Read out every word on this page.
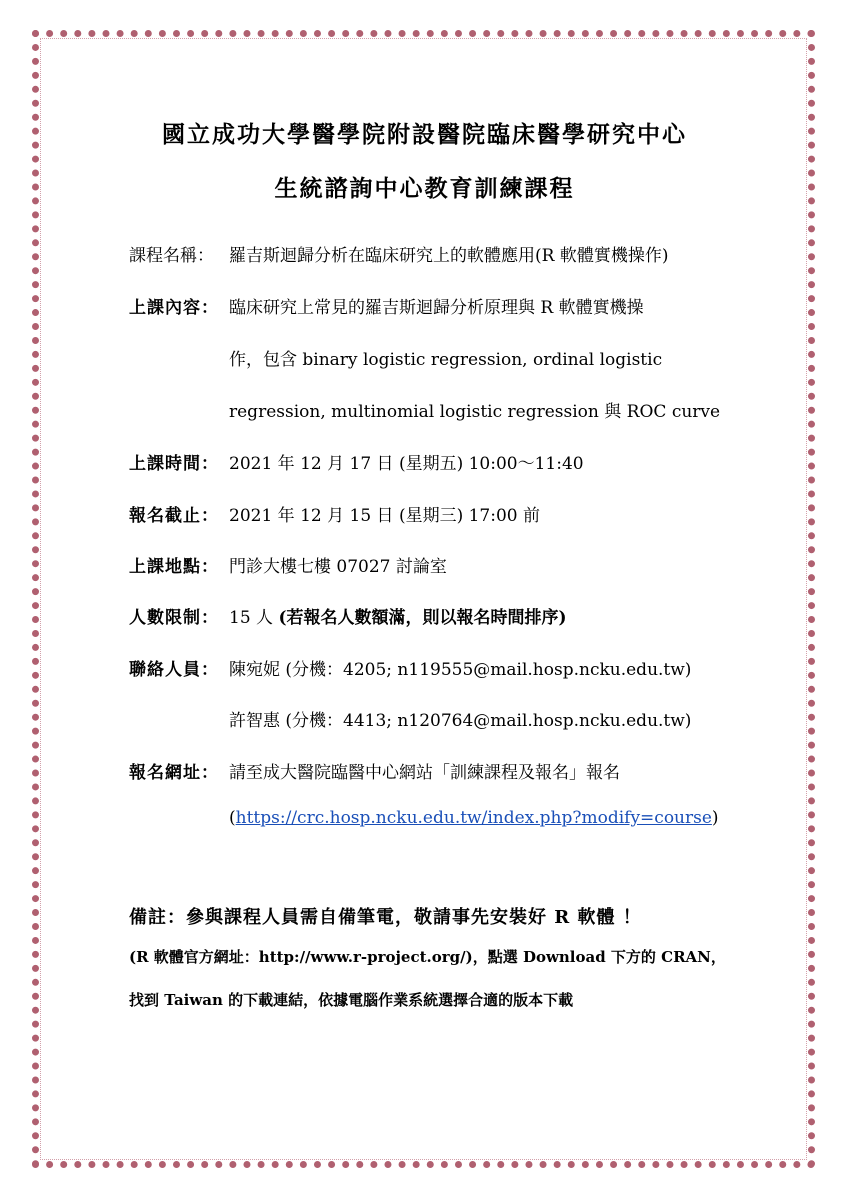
國立成功大學醫學院附設醫院臨床醫學研究中心
生統諮詢中心教育訓練課程
課程名稱： 羅吉斯迴歸分析在臨床研究上的軟體應用(R 軟體實機操作)
上課內容： 臨床研究上常見的羅吉斯迴歸分析原理與 R 軟體實機操
作，包含 binary logistic regression, ordinal logistic
regression, multinomial logistic regression 與 ROC curve
上課時間： 2021 年 12 月 17 日 (星期五) 10:00～11:40
報名截止： 2021 年 12 月 15 日 (星期三) 17:00 前
上課地點： 門診大樓七樓 07027 討論室
人數限制： 15 人 (若報名人數額滿，則以報名時間排序)
聯絡人員： 陳宛妮 (分機：4205; n119555@mail.hosp.ncku.edu.tw)
許智惠 (分機：4413; n120764@mail.hosp.ncku.edu.tw)
報名網址： 請至成大醫院臨醫中心網站「訓練課程及報名」報名
(https://crc.hosp.ncku.edu.tw/index.php?modify=course)
備註：參與課程人員需自備筆電，敬請事先安裝好 R 軟體 ！
(R 軟體官方網址：http://www.r-project.org/)，點選 Download 下方的 CRAN，
找到 Taiwan 的下載連結，依據電腦作業系統選擇合適的版本下載
